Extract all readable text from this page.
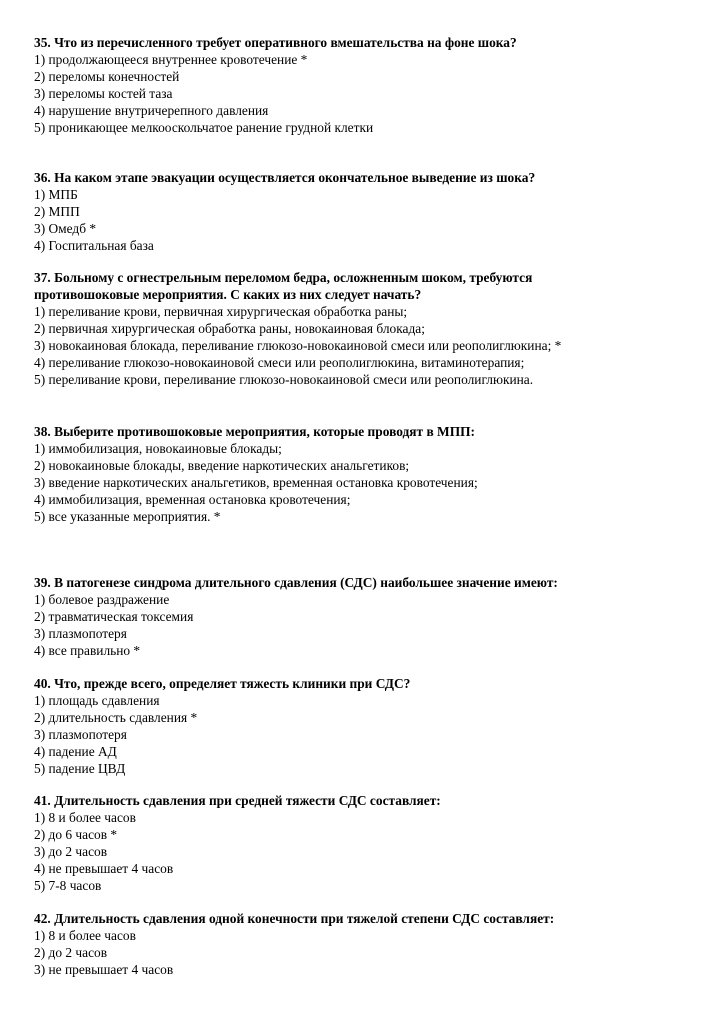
35. Что из перечисленного требует оперативного вмешательства на фоне шока?

1) продолжающееся внутреннее кровотечение *

2) переломы конечностей

3) переломы костей таза

4) нарушение внутричерепного давления

5) проникающее мелкооскольчатое ранение грудной клетки

36. На каком этапе эвакуации осуществляется окончательное выведение из шока?

1) МПБ

2) МПП

3) Омедб *

4) Госпитальная база

37. Больному с огнестрельным переломом бедра, осложненным шоком, требуются

противошоковые мероприятия. С каких из них следует начать?

1) переливание крови, первичная хирургическая обработка раны;

2) первичная хирургическая обработка раны, новокаиновая блокада;

3) новокаиновая блокада, переливание глюкозо-новокаиновой смеси или реополиглюкина; *

4) переливание глюкозо-новокаиновой смеси или реополиглюкина, витаминотерапия;

5) переливание крови, переливание глюкозо-новокаиновой смеси или реополиглюкина.

38. Выберите противошоковые мероприятия, которые проводят в МПП:

1) иммобилизация, новокаиновые блокады;

2) новокаиновые блокады, введение наркотических анальгетиков;

3) введение наркотических анальгетиков, временная остановка кровотечения;

4) иммобилизация, временная остановка кровотечения;

5) все указанные мероприятия. *

39. В патогенезе синдрома длительного сдавления (СДС) наибольшее значение имеют:

1) болевое раздражение

2) травматическая токсемия

3) плазмопотеря

4) все правильно *

40. Что, прежде всего, определяет тяжесть клиники при СДС?

1) площадь сдавления

2) длительность сдавления *

3) плазмопотеря

4) падение АД

5) падение ЦВД

41. Длительность сдавления при средней тяжести СДС составляет:

1) 8 и более часов

2) до 6 часов *

3) до 2 часов

4) не превышает 4 часов

5) 7-8 часов

42. Длительность сдавления одной конечности при тяжелой степени СДС составляет:

1) 8 и более часов

2) до 2 часов

3) не превышает 4 часов
